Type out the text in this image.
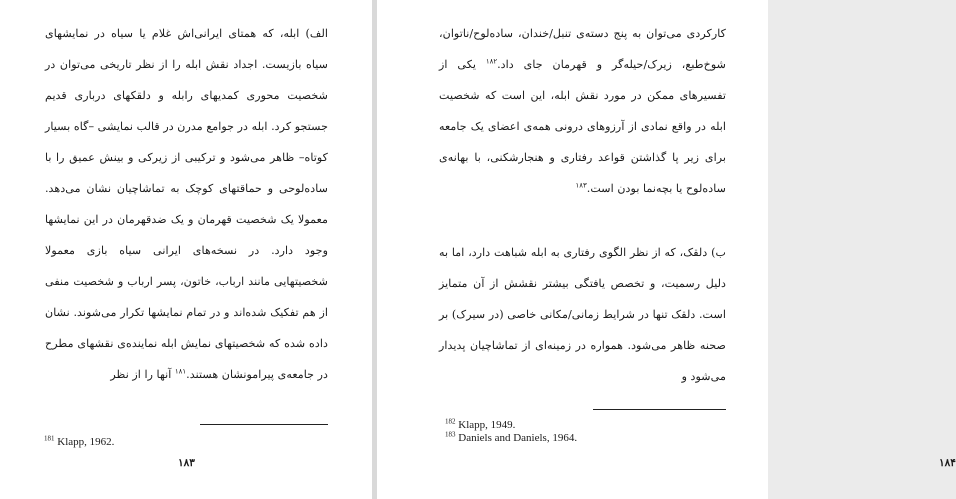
الف) ابله، که همتای ایرانی‌اش غلام یا سیاه در نمایشهای سیاه بازیست. اجداد نقش ابله را از نظر تاریخی می‌توان در شخصیت محوری کمدیهای رابله و دلقکهای درباری قدیم جستجو کرد. ابله در جوامع مدرن در قالب نمایشی –گاه بسیار کوتاه– ظاهر می‌شود و ترکیبی از زیرکی و بینش عمیق را با ساده‌لوحی و حماقتهای کوچک به تماشاچیان نشان می‌دهد. معمولا یک شخصیت قهرمان و یک ضدقهرمان در این نمایشها وجود دارد. در نسخه‌های ایرانی سیاه بازی معمولا شخصیتهایی مانند ارباب، خاتون، پسر ارباب و شخصیت منفی از هم تفکیک شده‌اند و در تمام نمایشها تکرار می‌شوند. نشان داده شده که شخصیتهای نمایش ابله نماینده‌ی نقشهای مطرح در جامعه‌ی پیرامونشان هستند.$^{۱۸۱}$ آنها را از نظر

$^{181}$ Klapp, 1962.
۱۸۳

کارکردی می‌توان به پنج دسته‌ی تنبل/خندان، ساده‌لوح/ناتوان، شوخ‌طبع، زیرک/حیله‌گر و قهرمان جای داد.$^{۱۸۲}$ یکی از تفسیرهای ممکن در مورد نقش ابله، این است که شخصیت ابله در واقع نمادی از آرزوهای درونی همه‌ی اعضای یک جامعه برای زیر پا گذاشتن قواعد رفتاری و هنجارشکنی، با بهانه‌ی ساده‌لوح یا بچه‌نما بودن است.$^{۱۸۳}$

ب) دلقک، که از نظر الگوی رفتاری به ابله شباهت دارد، اما به دلیل رسمیت، و تخصص یافتگی بیشتر نقشش از آن متمایز است. دلقک تنها در شرایط زمانی/مکانی خاصی (در سیرک) بر صحنه ظاهر می‌شود. همواره در زمینه‌ای از تماشاچیان پدیدار می‌شود و

۱۸۴
$^{182}$ Klapp, 1949.
$^{183}$ Daniels and Daniels, 1964.
